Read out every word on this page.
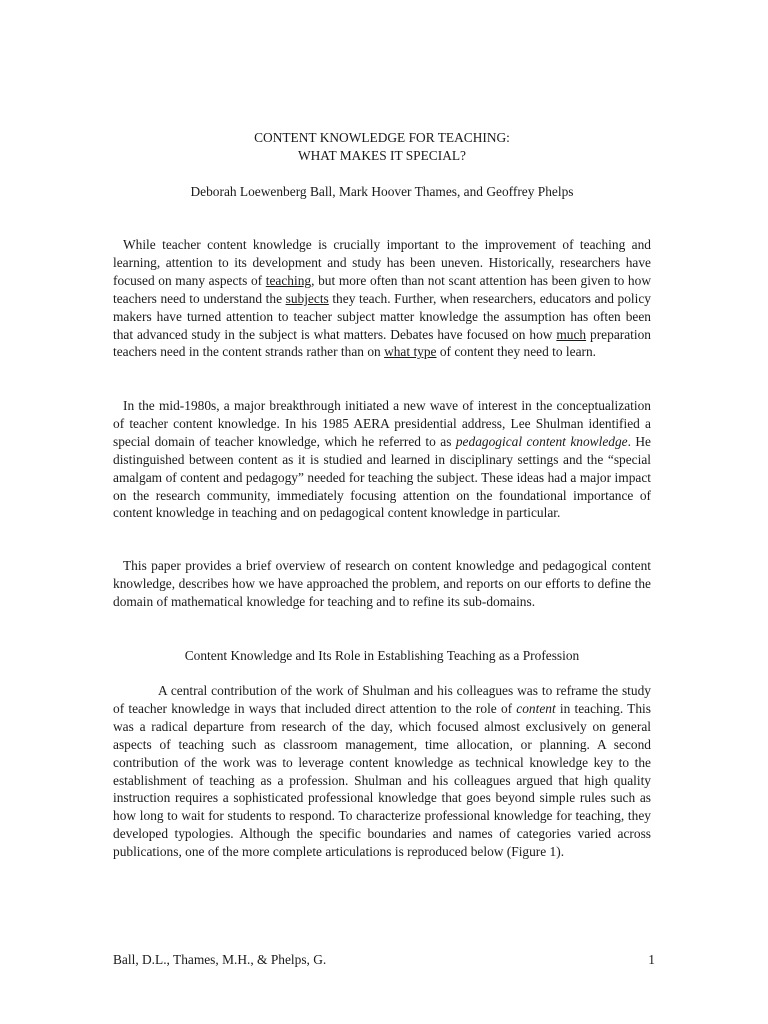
CONTENT KNOWLEDGE FOR TEACHING:
WHAT MAKES IT SPECIAL?
Deborah Loewenberg Ball, Mark Hoover Thames, and Geoffrey Phelps

While teacher content knowledge is crucially important to the improvement of teaching and learning, attention to its development and study has been uneven. Historically, researchers have focused on many aspects of teaching, but more often than not scant attention has been given to how teachers need to understand the subjects they teach. Further, when researchers, educators and policy makers have turned attention to teacher subject matter knowledge the assumption has often been that advanced study in the subject is what matters. Debates have focused on how much preparation teachers need in the content strands rather than on what type of content they need to learn.

In the mid-1980s, a major breakthrough initiated a new wave of interest in the conceptualization of teacher content knowledge. In his 1985 AERA presidential address, Lee Shulman identified a special domain of teacher knowledge, which he referred to as pedagogical content knowledge. He distinguished between content as it is studied and learned in disciplinary settings and the “special amalgam of content and pedagogy” needed for teaching the subject. These ideas had a major impact on the research community, immediately focusing attention on the foundational importance of content knowledge in teaching and on pedagogical content knowledge in particular.

This paper provides a brief overview of research on content knowledge and pedagogical content knowledge, describes how we have approached the problem, and reports on our efforts to define the domain of mathematical knowledge for teaching and to refine its sub-domains.

Content Knowledge and Its Role in Establishing Teaching as a Profession

A central contribution of the work of Shulman and his colleagues was to reframe the study of teacher knowledge in ways that included direct attention to the role of content in teaching. This was a radical departure from research of the day, which focused almost exclusively on general aspects of teaching such as classroom management, time allocation, or planning. A second contribution of the work was to leverage content knowledge as technical knowledge key to the establishment of teaching as a profession. Shulman and his colleagues argued that high quality instruction requires a sophisticated professional knowledge that goes beyond simple rules such as how long to wait for students to respond. To characterize professional knowledge for teaching, they developed typologies. Although the specific boundaries and names of categories varied across publications, one of the more complete articulations is reproduced below (Figure 1).

Ball, D.L., Thames, M.H., & Phelps, G.	1
